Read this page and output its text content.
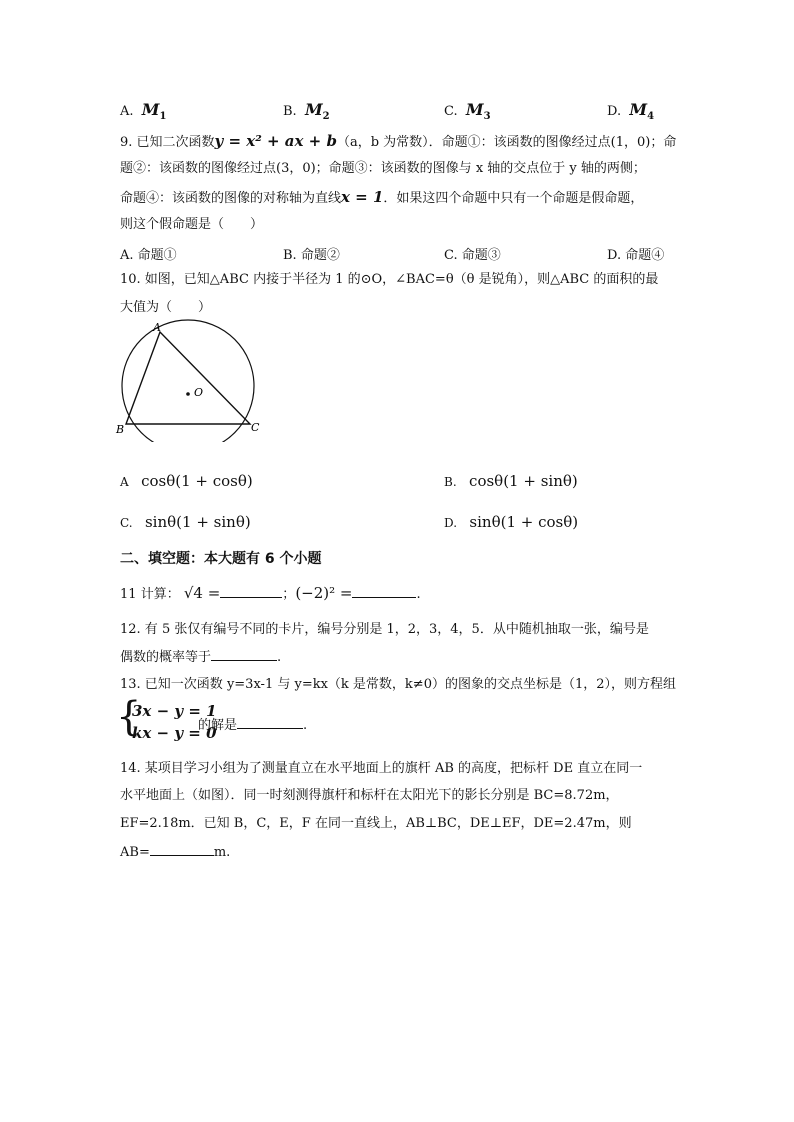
A. $M_1$	B. $M_2$	C. $M_3$	D. $M_4$
9. 已知二次函数y = x² + ax + b（a，b 为常数）．命题①：该函数的图像经过点(1，0)；命
题②：该函数的图像经过点(3，0)；命题③：该函数的图像与 x 轴的交点位于 y 轴的两侧；
命题④：该函数的图像的对称轴为直线x = 1．如果这四个命题中只有一个命题是假命题，
则这个假命题是（　　）
A. 命题①	B. 命题②	C. 命题③	D. 命题④
10. 如图，已知△ABC 内接于半径为 1 的⊙O，∠BAC=θ（θ 是锐角），则△ABC 的面积的最
大值为（　　）
A
B	C
O
A cosθ(1 + cosθ)	B. cosθ(1 + sinθ)
C. sinθ(1 + sinθ)	D. sinθ(1 + cosθ)
二、填空题：本大题有 6 个小题
11 计算： √4 =	；(−2)² =	.
12. 有 5 张仅有编号不同的卡片，编号分别是 1，2，3，4，5．从中随机抽取一张，编号是
偶数的概率等于	.
13. 已知一次函数 y=3x-1 与 y=kx（k 是常数，k≠0）的图象的交点坐标是（1，2），则方程组
{
3x − y = 1
kx − y = 0
的解是	.
14. 某项目学习小组为了测量直立在水平地面上的旗杆 AB 的高度，把标杆 DE 直立在同一
水平地面上（如图）．同一时刻测得旗杆和标杆在太阳光下的影长分别是 BC=8.72m，
EF=2.18m．已知 B，C，E，F 在同一直线上，AB⊥BC，DE⊥EF，DE=2.47m，则
AB=	m.
